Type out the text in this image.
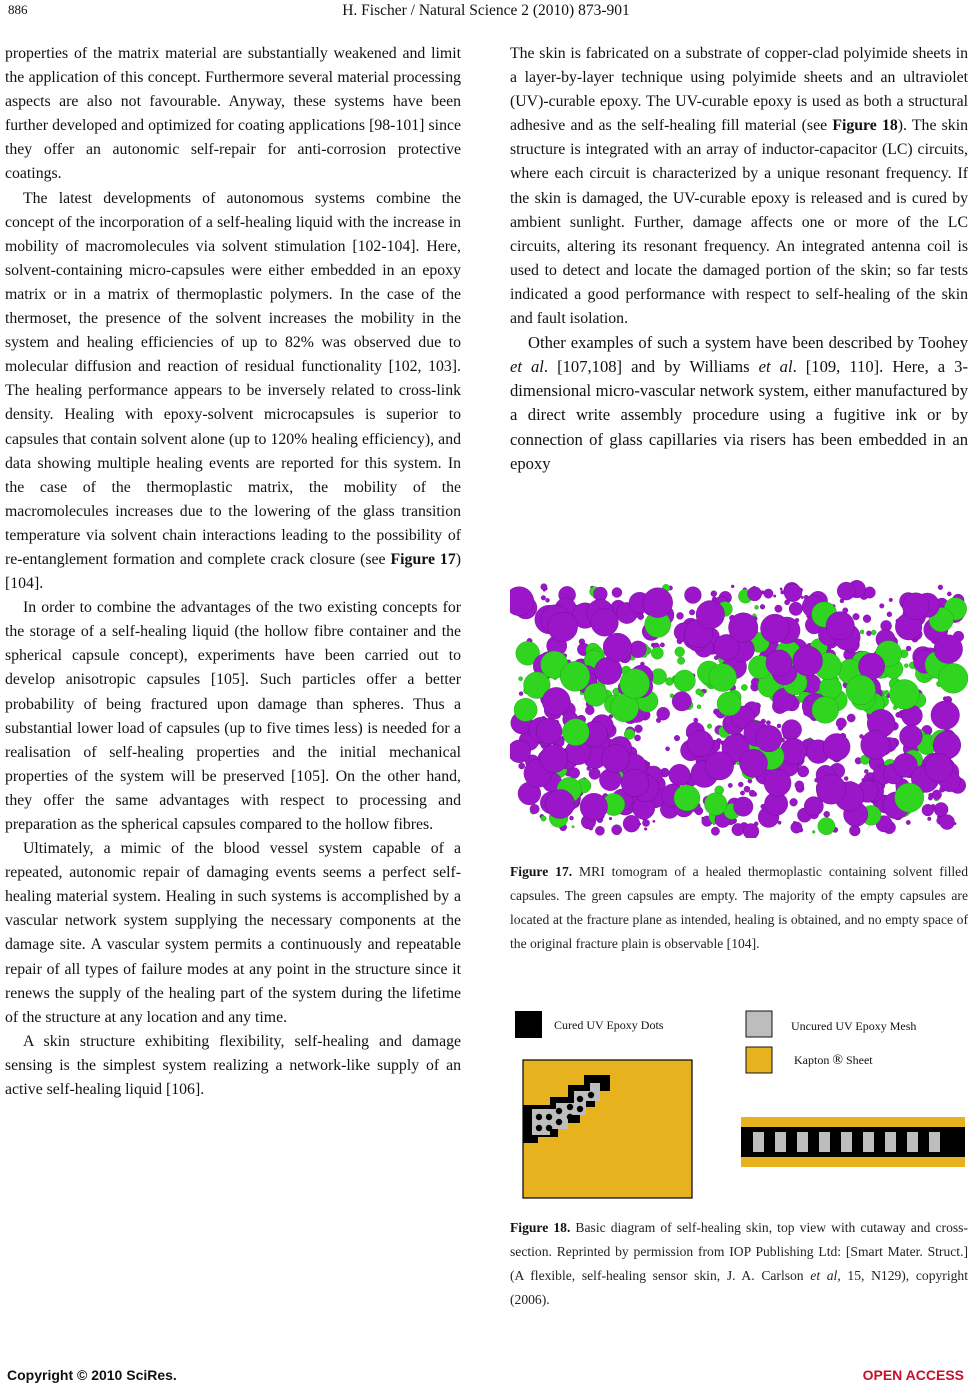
886	H. Fischer / Natural Science 2 (2010) 873-901

properties of the matrix material are substantially weakened and limit the application of this concept. Furthermore several material processing aspects are also not favourable. Anyway, these systems have been further developed and optimized for coating applications [98-101] since they offer an autonomic self-repair for anti-corrosion protective coatings.

The latest developments of autonomous systems combine the concept of the incorporation of a self-healing liquid with the increase in mobility of macromolecules via solvent stimulation [102-104]. Here, solvent-containing micro-capsules were either embedded in an epoxy matrix or in a matrix of thermoplastic polymers. In the case of the thermoset, the presence of the solvent increases the mobility in the system and healing efficiencies of up to 82% was observed due to molecular diffusion and reaction of residual functionality [102, 103]. The healing performance appears to be inversely related to cross-link density. Healing with epoxy-solvent microcapsules is superior to capsules that contain solvent alone (up to 120% healing efficiency), and data showing multiple healing events are reported for this system. In the case of the thermoplastic matrix, the mobility of the macromolecules increases due to the lowering of the glass transition temperature via solvent chain interactions leading to the possibility of re-entanglement formation and complete crack closure (see Figure 17) [104].

In order to combine the advantages of the two existing concepts for the storage of a self-healing liquid (the hollow fibre container and the spherical capsule concept), experiments have been carried out to develop anisotropic capsules [105]. Such particles offer a better probability of being fractured upon damage than spheres. Thus a substantial lower load of capsules (up to five times less) is needed for a realisation of self-healing properties and the initial mechanical properties of the system will be preserved [105]. On the other hand, they offer the same advantages with respect to processing and preparation as the spherical capsules compared to the hollow fibres.

Ultimately, a mimic of the blood vessel system capable of a repeated, autonomic repair of damaging events seems a perfect self-healing material system. Healing in such systems is accomplished by a vascular network system supplying the necessary components at the damage site. A vascular system permits a continuously and repeatable repair of all types of failure modes at any point in the structure since it renews the supply of the healing part of the system during the lifetime of the structure at any location and any time.

A skin structure exhibiting flexibility, self-healing and damage sensing is the simplest system realizing a network-like supply of an active self-healing liquid [106].

The skin is fabricated on a substrate of copper-clad polyimide sheets in a layer-by-layer technique using polyimide sheets and an ultraviolet (UV)-curable epoxy. The UV-curable epoxy is used as both a structural adhesive and as the self-healing fill material (see Figure 18). The skin structure is integrated with an array of inductor-capacitor (LC) circuits, where each circuit is characterized by a unique resonant frequency. If the skin is damaged, the UV-curable epoxy is released and is cured by ambient sunlight. Further, damage affects one or more of the LC circuits, altering its resonant frequency. An integrated antenna coil is used to detect and locate the damaged portion of the skin; so far tests indicated a good performance with respect to self-healing of the skin and fault isolation.

Other examples of such a system have been described by Toohey et al. [107,108] and by Williams et al. [109, 110]. Here, a 3-dimensional micro-vascular network system, either manufactured by a direct write assembly procedure using a fugitive ink or by connection of glass capillaries via risers has been embedded in an epoxy

Figure 17. MRI tomogram of a healed thermoplastic containing solvent filled capsules. The green capsules are empty. The majority of the empty capsules are located at the fracture plane as intended, healing is obtained, and no empty space of the original fracture plain is observable [104].
Cured UV Epoxy Dots	Uncured UV Epoxy Mesh
Kapton ® Sheet
Figure 18. Basic diagram of self-healing skin, top view with cutaway and cross-section. Reprinted by permission from IOP Publishing Ltd: [Smart Mater. Struct.] (A flexible, self-healing sensor skin, J. A. Carlson et al, 15, N129), copyright (2006).
Copyright © 2010 SciRes.	OPEN ACCESS
